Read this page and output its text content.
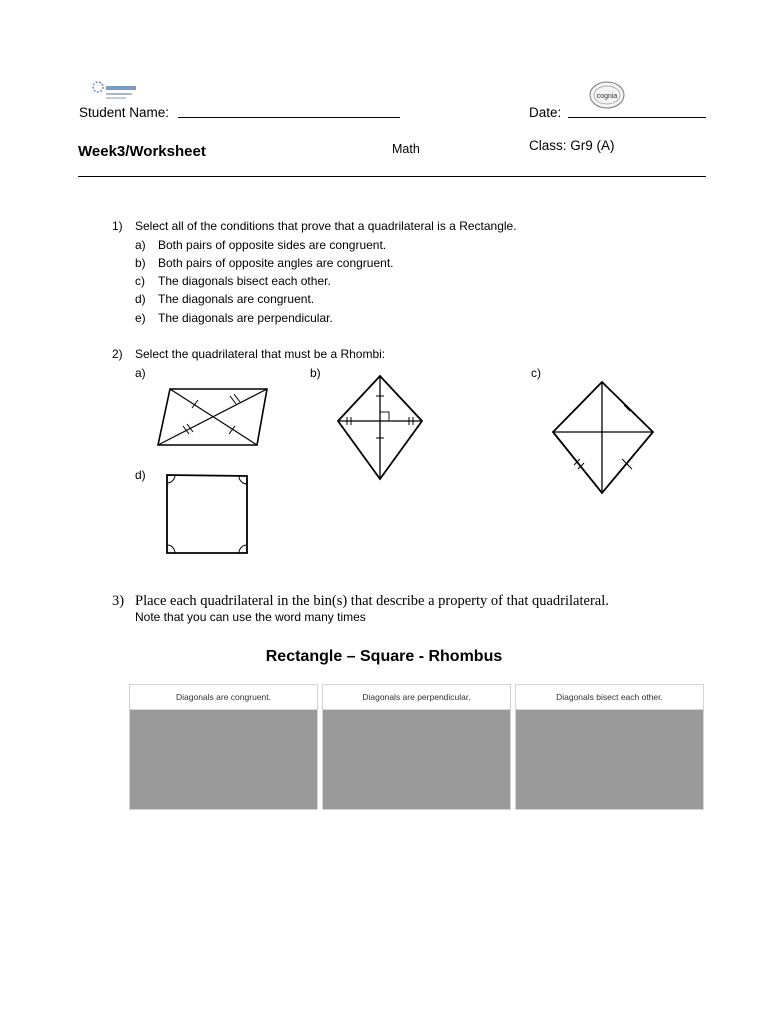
cognia
Student Name:	Date:
Week3/Worksheet	Math	Class: Gr9 (A)
1) Select all of the conditions that prove that a quadrilateral is a Rectangle.
a) Both pairs of opposite sides are congruent.
b) Both pairs of opposite angles are congruent.
c) The diagonals bisect each other.
d) The diagonals are congruent.
e) The diagonals are perpendicular.
2) Select the quadrilateral that must be a Rhombi:
a)	b)	c)
d)
3) Place each quadrilateral in the bin(s) that describe a property of that quadrilateral.
Note that you can use the word many times
Rectangle – Square - Rhombus
Diagonals are congruent.	Diagonals are perpendicular.	Diagonals bisect each other.
